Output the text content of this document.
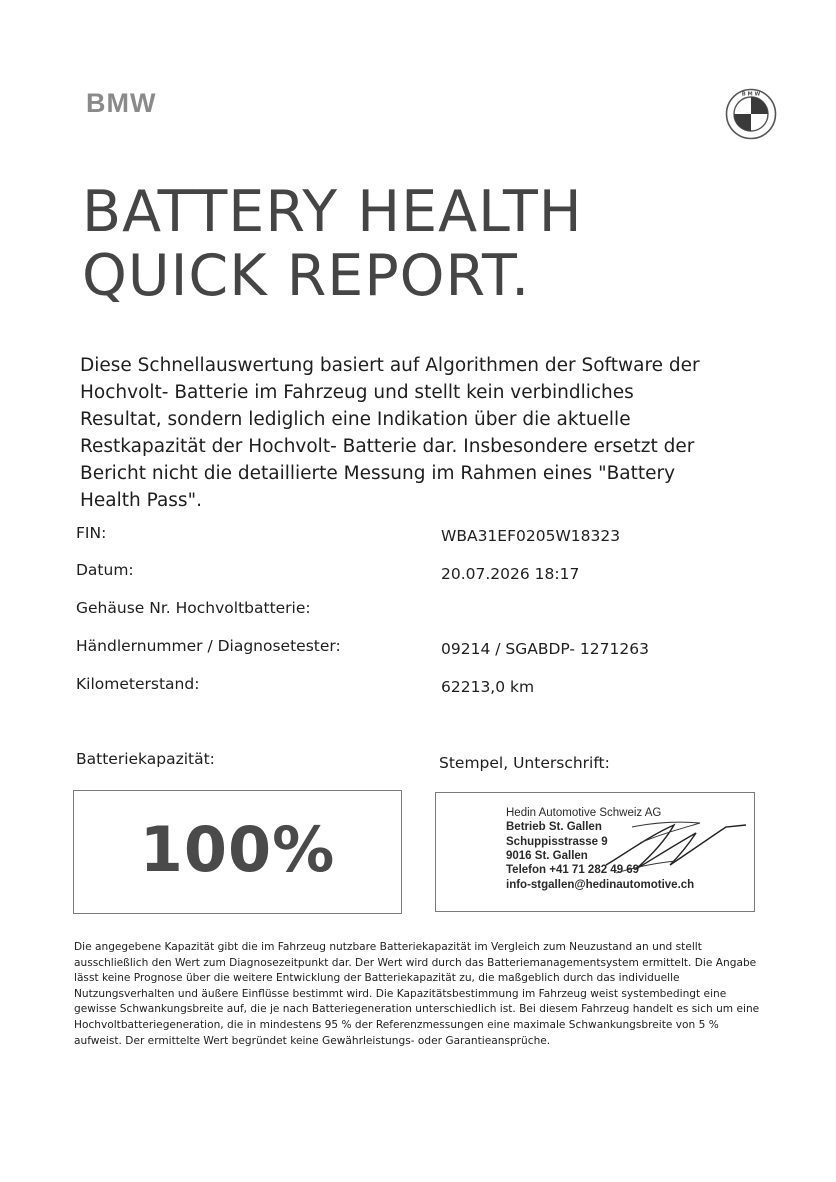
BMW	B M W
BATTERY HEALTH
QUICK REPORT.
Diese Schnellauswertung basiert auf Algorithmen der Software der Hochvolt- Batterie im Fahrzeug und stellt kein verbindliches Resultat, sondern lediglich eine Indikation über die aktuelle Restkapazität der Hochvolt- Batterie dar. Insbesondere ersetzt der Bericht nicht die detaillierte Messung im Rahmen eines "Battery Health Pass".
FIN:	WBA31EF0205W18323
Datum:	20.07.2026 18:17
Gehäuse Nr. Hochvoltbatterie:
Händlernummer / Diagnosetester:	09214 / SGABDP- 1271263
Kilometerstand:	62213,0 km
Batteriekapazität:	Stempel, Unterschrift:
100%	Hedin Automotive Schweiz AG
Betrieb St. Gallen
Schuppisstrasse 9
9016 St. Gallen
Telefon +41 71 282 49 69
info-stgallen@hedinautomotive.ch
Die angegebene Kapazität gibt die im Fahrzeug nutzbare Batteriekapazität im Vergleich zum Neuzustand an und stellt ausschließlich den Wert zum Diagnosezeitpunkt dar. Der Wert wird durch das Batteriemanagementsystem ermittelt. Die Angabe lässt keine Prognose über die weitere Entwicklung der Batteriekapazität zu, die maßgeblich durch das individuelle Nutzungsverhalten und äußere Einflüsse bestimmt wird. Die Kapazitätsbestimmung im Fahrzeug weist systembedingt eine gewisse Schwankungsbreite auf, die je nach Batteriegeneration unterschiedlich ist. Bei diesem Fahrzeug handelt es sich um eine Hochvoltbatteriegeneration, die in mindestens 95 % der Referenzmessungen eine maximale Schwankungsbreite von 5 % aufweist. Der ermittelte Wert begründet keine Gewährleistungs- oder Garantieansprüche.
